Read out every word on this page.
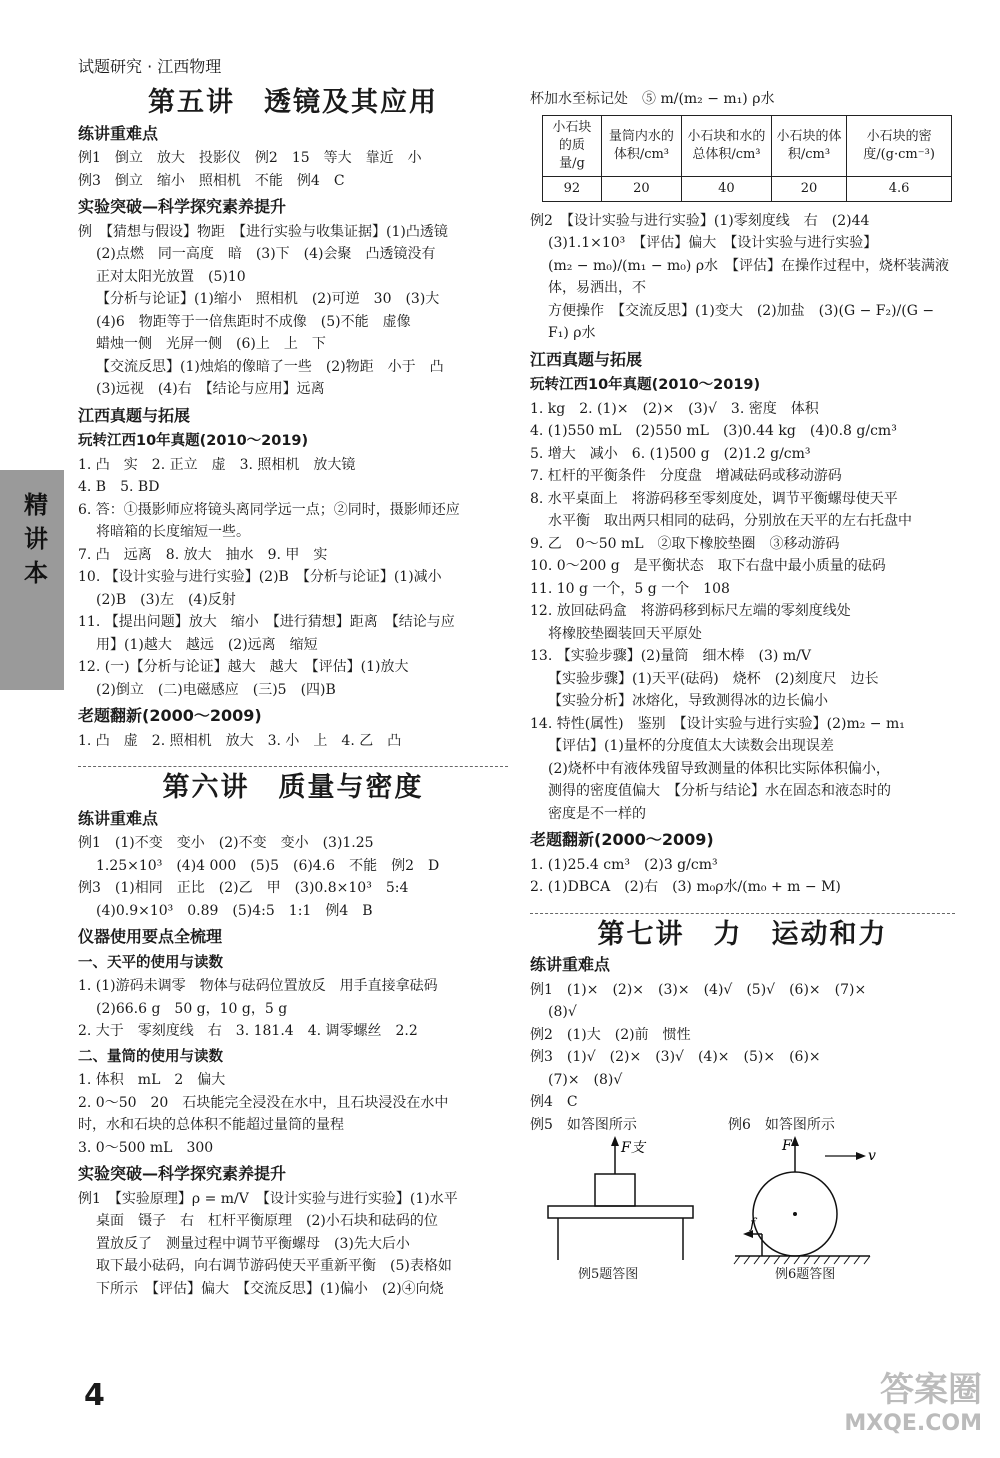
试题研究 · 江西物理
精讲本
第五讲　透镜及其应用
练讲重难点
例1　倒立　放大　投影仪　例2　15　等大　靠近　小
例3　倒立　缩小　照相机　不能　例4　C
实验突破—科学探究素养提升
例　【猜想与假设】物距　【进行实验与收集证据】(1)凸透镜
(2)点燃　同一高度　暗　(3)下　(4)会聚　凸透镜没有
正对太阳光放置　(5)10
【分析与论证】(1)缩小　照相机　(2)可逆　30　(3)大
(4)6　物距等于一倍焦距时不成像　(5)不能　虚像
蜡烛一侧　光屏一侧　(6)上　上　下
【交流反思】(1)烛焰的像暗了一些　(2)物距　小于　凸
(3)远视　(4)右　【结论与应用】远离
江西真题与拓展
玩转江西10年真题(2010～2019)
1. 凸　实　2. 正立　虚　3. 照相机　放大镜
4. B　5. BD
6. 答：①摄影师应将镜头离同学远一点；②同时，摄影师还应
将暗箱的长度缩短一些。
7. 凸　远离　8. 放大　抽水　9. 甲　实
10. 【设计实验与进行实验】(2)B　【分析与论证】(1)减小
(2)B　(3)左　(4)反射
11. 【提出问题】放大　缩小　【进行猜想】距离　【结论与应
用】(1)越大　越远　(2)远离　缩短
12. (一)【分析与论证】越大　越大　【评估】(1)放大
(2)倒立　(二)电磁感应　(三)5　(四)B
老题翻新(2000～2009)
1. 凸　虚　2. 照相机　放大　3. 小　上　4. 乙　凸
第六讲　质量与密度
练讲重难点
例1　(1)不变　变小　(2)不变　变小　(3)1.25
1.25×10³　(4)4 000　(5)5　(6)4.6　不能　例2　D
例3　(1)相同　正比　(2)乙　甲　(3)0.8×10³　5:4
(4)0.9×10³　0.89　(5)4:5　1:1　例4　B
仪器使用要点全梳理
一、天平的使用与读数
1. (1)游码未调零　物体与砝码位置放反　用手直接拿砝码
(2)66.6 g　50 g，10 g，5 g
2. 大于　零刻度线　右　3. 181.4　4. 调零螺丝　2.2
二、量筒的使用与读数
1. 体积　mL　2　偏大
2. 0～50　20　石块能完全浸没在水中，且石块浸没在水中
时，水和石块的总体积不能超过量筒的量程
3. 0～500 mL　300
实验突破—科学探究素养提升
例1　【实验原理】ρ = m/V　【设计实验与进行实验】(1)水平
桌面　镊子　右　杠杆平衡原理　(2)小石块和砝码的位
置放反了　测量过程中调节平衡螺母　(3)先大后小
取下最小砝码，向右调节游码使天平重新平衡　(5)表格如
下所示　【评估】偏大　【交流反思】(1)偏小　(2)④向烧
杯加水至标记处　⑤ m/(m₂ − m₁) ρ水
小石块的质量/g	量筒内水的体积/cm³	小石块和水的总体积/cm³	小石块的体积/cm³	小石块的密度/(g·cm⁻³)
92	20	40	20	4.6
例2　【设计实验与进行实验】(1)零刻度线　右　(2)44
(3)1.1×10³　【评估】偏大　【设计实验与进行实验】
(m₂ − m₀)/(m₁ − m₀) ρ水　【评估】在操作过程中，烧杯装满液体，易洒出，不
方便操作　【交流反思】(1)变大　(2)加盐　(3)(G − F₂)/(G − F₁) ρ水
江西真题与拓展
玩转江西10年真题(2010～2019)
1. kg　2. (1)×　(2)×　(3)√　3. 密度　体积
4. (1)550 mL　(2)550 mL　(3)0.44 kg　(4)0.8 g/cm³
5. 增大　减小　6. (1)500 g　(2)1.2 g/cm³
7. 杠杆的平衡条件　分度盘　增减砝码或移动游码
8. 水平桌面上　将游码移至零刻度处，调节平衡螺母使天平
水平衡　取出两只相同的砝码，分别放在天平的左右托盘中
9. 乙　0～50 mL　②取下橡胶垫圈　③移动游码
10. 0～200 g　是平衡状态　取下右盘中最小质量的砝码
11. 10 g 一个，5 g 一个　108
12. 放回砝码盒　将游码移到标尺左端的零刻度线处
将橡胶垫圈装回天平原处
13. 【实验步骤】(2)量筒　细木棒　(3) m/V
【实验步骤】(1)天平(砝码)　烧杯　(2)刻度尺　边长
【实验分析】冰熔化，导致测得冰的边长偏小
14. 特性(属性)　鉴别　【设计实验与进行实验】(2)m₂ − m₁
【评估】(1)量杯的分度值太大读数会出现误差
(2)烧杯中有液体残留导致测量的体积比实际体积偏小，
测得的密度值偏大　【分析与结论】水在固态和液态时的
密度是不一样的
老题翻新(2000～2009)
1. (1)25.4 cm³　(2)3 g/cm³
2. (1)DBCA　(2)右　(3) m₀ρ水/(m₀ + m − M)
第七讲　力　运动和力
练讲重难点
例1　(1)×　(2)×　(3)×　(4)√　(5)√　(6)×　(7)×
(8)√
例2　(1)大　(2)前　惯性
例3　(1)√　(2)×　(3)√　(4)×　(5)×　(6)×
(7)×　(8)√
例4　C
例5　如答图所示	例6　如答图所示
F支	F
v
f
例5题答图	例6题答图
4	答案圈
MXQE.COM
